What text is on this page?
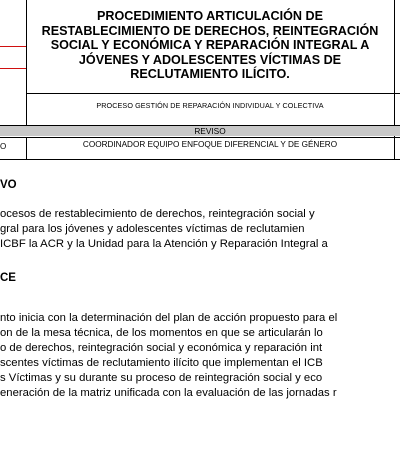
PROCEDIMIENTO ARTICULACIÓN DE
RESTABLECIMIENTO DE DERECHOS, REINTEGRACIÓN
SOCIAL Y ECONÓMICA Y REPARACIÓN INTEGRAL A
JÓVENES Y ADOLESCENTES VÍCTIMAS DE
RECLUTAMIENTO ILÍCITO.
PROCESO GESTIÓN DE REPARACIÓN INDIVIDUAL Y COLECTIVA
REVISO
O	COORDINADOR EQUIPO ENFOQUE DIFERENCIAL Y DE GÉNERO
VO
ocesos de restablecimiento de derechos, reintegración social y
gral para los jóvenes y adolescentes víctimas de reclutamien
ICBF la ACR y la Unidad para la Atención y Reparación Integral a
CE
nto inicia con la determinación del plan de acción propuesto para el
on de la mesa técnica, de los momentos en que se articularán lo
o de derechos, reintegración social y económica y reparación int
scentes víctimas de reclutamiento ilícito que implementan el ICB
s Víctimas y su durante su proceso de reintegración social y eco
eneración de la matriz unificada con la evaluación de las jornadas r
